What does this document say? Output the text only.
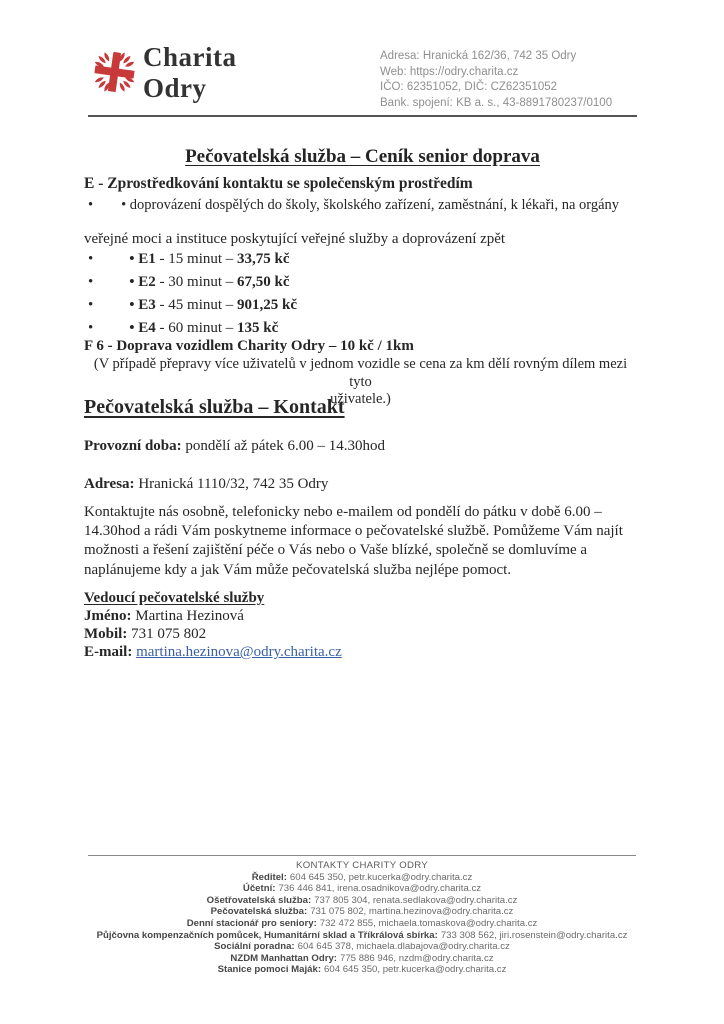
Charita
Odry
Adresa: Hranická 162/36, 742 35 Odry
Web: https://odry.charita.cz
IČO: 62351052, DIČ: CZ62351052
Bank. spojení: KB a. s., 43-8891780237/0100
Pečovatelská služba – Ceník senior doprava
E - Zprostředkování kontaktu se společenským prostředím
• • doprovázení dospělých do školy, školského zařízení, zaměstnání, k lékaři, na orgány
veřejné moci a instituce poskytující veřejné služby a doprovázení zpět
• • E1 - 15 minut – 33,75 kč
• • E2 - 30 minut – 67,50 kč
• • E3 - 45 minut – 901,25 kč
• • E4 - 60 minut – 135 kč
F 6 - Doprava vozidlem Charity Odry – 10 kč / 1km
(V případě přepravy více uživatelů v jednom vozidle se cena za km dělí rovným dílem mezi tyto
uživatele.)
Pečovatelská služba – Kontakt
Provozní doba: pondělí až pátek 6.00 – 14.30hod
Adresa: Hranická 1110/32, 742 35 Odry
Kontaktujte nás osobně, telefonicky nebo e-mailem od pondělí do pátku v době 6.00 – 14.30hod a rádi Vám poskytneme informace o pečovatelské službě. Pomůžeme Vám najít možnosti a řešení zajištění péče o Vás nebo o Vaše blízké, společně se domluvíme a naplánujeme kdy a jak Vám může pečovatelská služba nejlépe pomoct.
Vedoucí pečovatelské služby
Jméno: Martina Hezinová
Mobil: 731 075 802
E-mail: martina.hezinova@odry.charita.cz
KONTAKTY CHARITY ODRY
Ředitel: 604 645 350, petr.kucerka@odry.charita.cz
Účetní: 736 446 841, irena.osadnikova@odry.charita.cz
Ošetřovatelská služba: 737 805 304, renata.sedlakova@odry.charita.cz
Pečovatelská služba: 731 075 802, martina.hezinova@odry.charita.cz
Denní stacionář pro seniory: 732 472 855, michaela.tomaskova@odry.charita.cz
Půjčovna kompenzačních pomůcek, Humanitární sklad a Tříkrálová sbírka: 733 308 562, jiri.rosenstein@odry.charita.cz
Sociální poradna: 604 645 378, michaela.dlabajova@odry.charita.cz
NZDM Manhattan Odry: 775 886 946, nzdm@odry.charita.cz
Stanice pomoci Maják: 604 645 350, petr.kucerka@odry.charita.cz
